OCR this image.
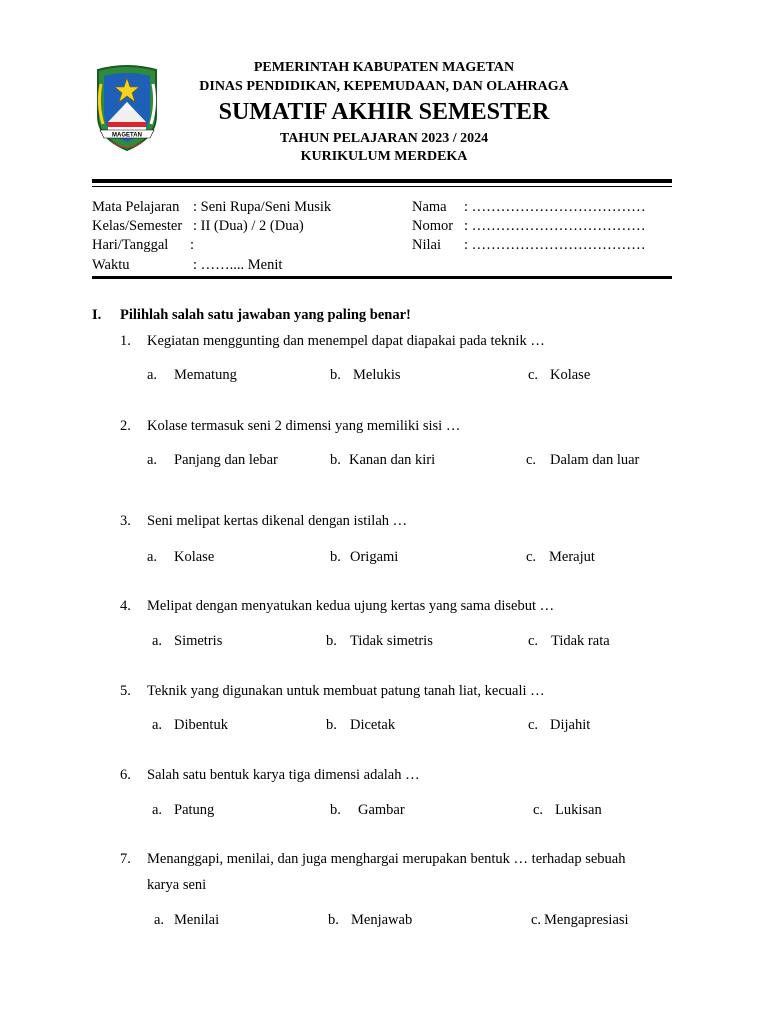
MAGETAN
PEMERINTAH KABUPATEN MAGETAN
DINAS PENDIDIKAN, KEPEMUDAAN, DAN OLAHRAGA
SUMATIF AKHIR SEMESTER
TAHUN PELAJARAN 2023 / 2024
KURIKULUM MERDEKA
Mata Pelajaran : Seni Rupa/Seni Musik
Kelas/Semester : II (Dua) / 2 (Dua)
Hari/Tanggal :
Waktu	: …….... Menit
Nama : ………………………………
Nomor : ………………………………
Nilai : ………………………………
I. Pilihlah salah satu jawaban yang paling benar!
1. Kegiatan menggunting dan menempel dapat diapakai pada teknik …
a. Mematung	b. Melukis	c. Kolase
2. Kolase termasuk seni 2 dimensi yang memiliki sisi …
a. Panjang dan lebar	b. Kanan dan kiri	c. Dalam dan luar
3. Seni melipat kertas dikenal dengan istilah …
a. Kolase	b. Origami	c. Merajut
4. Melipat dengan menyatukan kedua ujung kertas yang sama disebut …
a. Simetris	b. Tidak simetris	c. Tidak rata
5. Teknik yang digunakan untuk membuat patung tanah liat, kecuali …
a. Dibentuk	b. Dicetak	c. Dijahit
6. Salah satu bentuk karya tiga dimensi adalah …
a. Patung	b. Gambar	c. Lukisan
7. Menanggapi, menilai, dan juga menghargai merupakan bentuk … terhadap sebuah
karya seni
a. Menilai	b. Menjawab	c. Mengapresiasi
